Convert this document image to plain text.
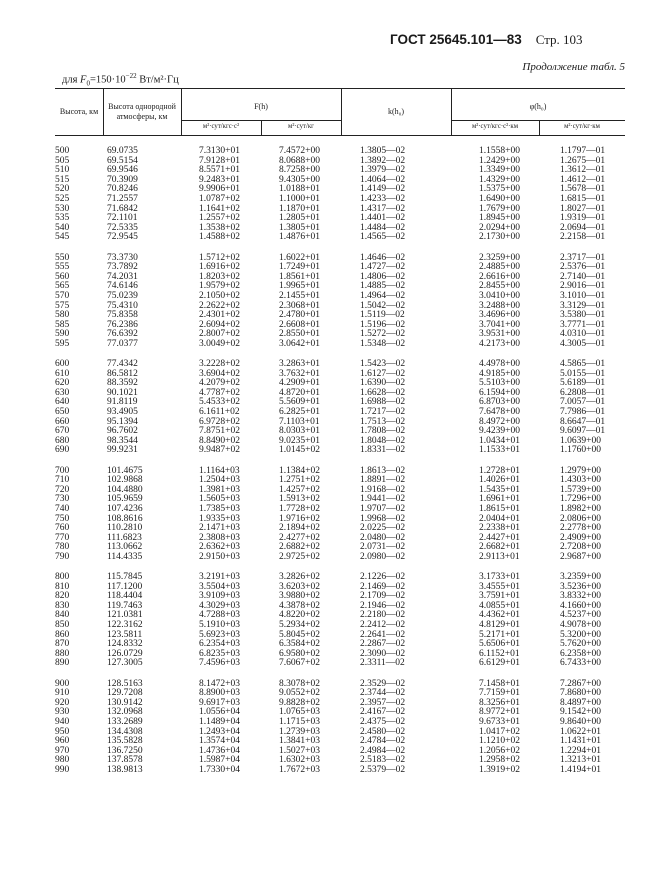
ГОСТ 25645.101—83 Стр. 103
Продолжение табл. 5
для $F_0=150\cdot 10^{-22}$ Вт/м²·Гц
Высота, км
Высота однородной атмосферы, км
F(h)
м²·сут/кгс·с²	м²·сут/кг
k(h₀)
φ(h₀)
м²·сут/кгс·с²·км	м²·сут/кг·км
500	69.0735	7.3130+01	7.4572+00	1.3805—02	1.1558+00	1.1797—01
505	69.5154	7.9128+01	8.0688+00	1.3892—02	1.2429+00	1.2675—01
510	69.9546	8.5571+01	8.7258+00	1.3979—02	1.3349+00	1.3612—01
515	70.3909	9.2483+01	9.4305+00	1.4064—02	1.4329+00	1.4612—01
520	70.8246	9.9906+01	1.0188+01	1.4149—02	1.5375+00	1.5678—01
525	71.2557	1.0787+02	1.1000+01	1.4233—02	1.6490+00	1.6815—01
530	71.6842	1.1641+02	1.1870+01	1.4317—02	1.7679+00	1.8027—01
535	72.1101	1.2557+02	1.2805+01	1.4401—02	1.8945+00	1.9319—01
540	72.5335	1.3538+02	1.3805+01	1.4484—02	2.0294+00	2.0694—01
545	72.9545	1.4588+02	1.4876+01	1.4565—02	2.1730+00	2.2158—01
550	73.3730	1.5712+02	1.6022+01	1.4646—02	2.3259+00	2.3717—01
555	73.7892	1.6916+02	1.7249+01	1.4727—02	2.4885+00	2.5376—01
560	74.2031	1.8203+02	1.8561+01	1.4806—02	2.6616+00	2.7140—01
565	74.6146	1.9579+02	1.9965+01	1.4885—02	2.8455+00	2.9016—01
570	75.0239	2.1050+02	2.1455+01	1.4964—02	3.0410+00	3.1010—01
575	75.4310	2.2622+02	2.3068+01	1.5042—02	3.2488+00	3.3129—01
580	75.8358	2.4301+02	2.4780+01	1.5119—02	3.4696+00	3.5380—01
585	76.2386	2.6094+02	2.6608+01	1.5196—02	3.7041+00	3.7771—01
590	76.6392	2.8007+02	2.8550+01	1.5272—02	3.9531+00	4.0310—01
595	77.0377	3.0049+02	3.0642+01	1.5348—02	4.2173+00	4.3005—01
600	77.4342	3.2228+02	3.2863+01	1.5423—02	4.4978+00	4.5865—01
610	86.5812	3.6904+02	3.7632+01	1.6127—02	4.9185+00	5.0155—01
620	88.3592	4.2079+02	4.2909+01	1.6390—02	5.5103+00	5.6189—01
630	90.1021	4.7787+02	4.8720+01	1.6628—02	6.1594+00	6.2808—01
640	91.8119	5.4533+02	5.5609+01	1.6988—02	6.8703+00	7.0057—01
650	93.4905	6.1611+02	6.2825+01	1.7217—02	7.6478+00	7.7986—01
660	95.1394	6.9728+02	7.1103+01	1.7513—02	8.4972+00	8.6647—01
670	96.7602	7.8751+02	8.0303+01	1.7808—02	9.4239+00	9.6097—01
680	98.3544	8.8490+02	9.0235+01	1.8048—02	1.0434+01	1.0639+00
690	99.9231	9.9487+02	1.0145+02	1.8331—02	1.1533+01	1.1760+00
700	101.4675	1.1164+03	1.1384+02	1.8613—02	1.2728+01	1.2979+00
710	102.9868	1.2504+03	1.2751+02	1.8891—02	1.4026+01	1.4303+00
720	104.4880	1.3981+03	1.4257+02	1.9168—02	1.5435+01	1.5739+00
730	105.9659	1.5605+03	1.5913+02	1.9441—02	1.6961+01	1.7296+00
740	107.4236	1.7385+03	1.7728+02	1.9707—02	1.8615+01	1.8982+00
750	108.8616	1.9335+03	1.9716+02	1.9968—02	2.0404+01	2.0806+00
760	110.2810	2.1471+03	2.1894+02	2.0225—02	2.2338+01	2.2778+00
770	111.6823	2.3808+03	2.4277+02	2.0480—02	2.4427+01	2.4909+00
780	113.0662	2.6362+03	2.6882+02	2.0731—02	2.6682+01	2.7208+00
790	114.4335	2.9150+03	2.9725+02	2.0980—02	2.9113+01	2.9687+00
800	115.7845	3.2191+03	3.2826+02	2.1226—02	3.1733+01	3.2359+00
810	117.1200	3.5504+03	3.6203+02	2.1469—02	3.4555+01	3.5236+00
820	118.4404	3.9109+03	3.9880+02	2.1709—02	3.7591+01	3.8332+00
830	119.7463	4.3029+03	4.3878+02	2.1946—02	4.0855+01	4.1660+00
840	121.0381	4.7288+03	4.8220+02	2.2180—02	4.4362+01	4.5237+00
850	122.3162	5.1910+03	5.2934+02	2.2412—02	4.8129+01	4.9078+00
860	123.5811	5.6923+03	5.8045+02	2.2641—02	5.2171+01	5.3200+00
870	124.8332	6.2354+03	6.3584+02	2.2867—02	5.6506+01	5.7620+00
880	126.0729	6.8235+03	6.9580+02	2.3090—02	6.1152+01	6.2358+00
890	127.3005	7.4596+03	7.6067+02	2.3311—02	6.6129+01	6.7433+00
900	128.5163	8.1472+03	8.3078+02	2.3529—02	7.1458+01	7.2867+00
910	129.7208	8.8900+03	9.0552+02	2.3744—02	7.7159+01	7.8680+00
920	130.9142	9.6917+03	9.8828+02	2.3957—02	8.3256+01	8.4897+00
930	132.0968	1.0556+04	1.0765+03	2.4167—02	8.9772+01	9.1542+00
940	133.2689	1.1489+04	1.1715+03	2.4375—02	9.6733+01	9.8640+00
950	134.4308	1.2493+04	1.2739+03	2.4580—02	1.0417+02	1.0622+01
960	135.5828	1.3574+04	1.3841+03	2.4784—02	1.1210+02	1.1431+01
970	136.7250	1.4736+04	1.5027+03	2.4984—02	1.2056+02	1.2294+01
980	137.8578	1.5987+04	1.6302+03	2.5183—02	1.2958+02	1.3213+01
990	138.9813	1.7330+04	1.7672+03	2.5379—02	1.3919+02	1.4194+01
